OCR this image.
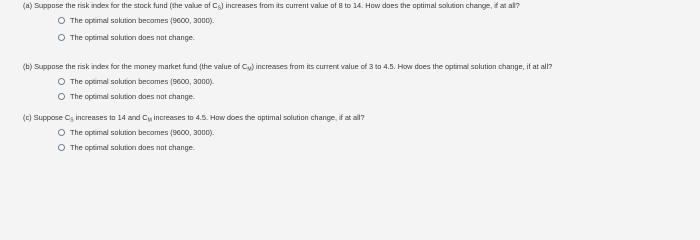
(a) Suppose the risk index for the stock fund (the value of $C_S$) increases from its current value of 8 to 14. How does the optimal solution change, if at all?
The optimal solution becomes (9600, 3000).
The optimal solution does not change.
(b) Suppose the risk index for the money market fund (the value of $C_M$) increases from its current value of 3 to 4.5. How does the optimal solution change, if at all?
The optimal solution becomes (9600, 3000).
The optimal solution does not change.
(c) Suppose $C_S$ increases to 14 and $C_M$ increases to 4.5. How does the optimal solution change, if at all?
The optimal solution becomes (9600, 3000).
The optimal solution does not change.
